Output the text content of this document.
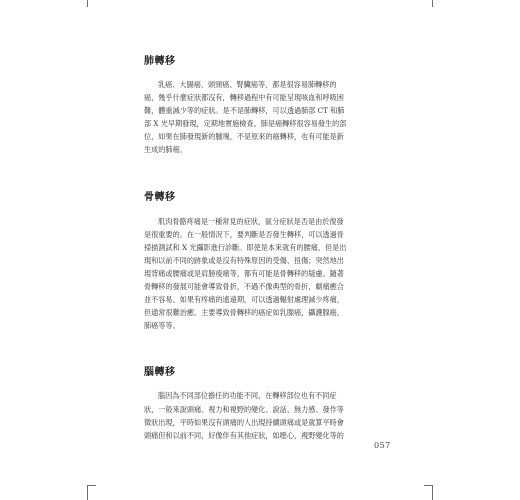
肺轉移

乳癌、大腸癌、頭頸癌、腎臟癌等，都是很容易肺轉移的
癌，幾乎什麼症狀都沒有，轉移過程中有可能呈現咳血和呼吸困
難，體重減少等的症狀。是不是肺轉移，可以透過肺部 CT 和肺
部 X 光早期發現，定期地實施檢查。肺是癌轉移很容易發生的部
位，如果在肺發現新的腫塊，不是原來的癌轉移，也有可能是新
生成的肺癌。

骨轉移

肌肉骨骼疼痛是一種常見的症狀，區分症狀是否是由於復發
是很重要的。在一般情況下，要判斷是否發生轉移，可以透過骨
掃描測試和 X 光攝影進行診斷。即使是本來就有的腰痛，但是出
現和以前不同的跡象或是沒有特殊原因的受傷、扭傷；突然地出
現背痛或腰痛或是肩膀痠痛等，都有可能是骨轉移的疑慮。隨著
骨轉移的發展可能會導致骨折，不過不像典型的骨折，劇痛癒合
並不容易。如果有疼痛的遙遠期，可以透過輻射處理減少疼痛，
但通常很難治癒。主要導致骨轉移的癌症如乳腺癌，攝護腺癌，
肺癌等等。

腦轉移

腦因為不同部位擔任的功能不同，在轉移部位也有不同症
狀，一般來說頭痛、視力和視野的變化、說話、無力感、發作等
徵狀出現，平時如果沒有頭痛的人出現持續頭痛或是就算平時會
頭痛但和以前不同，好像伴有其他症狀，如噁心，視野變化等的

057
